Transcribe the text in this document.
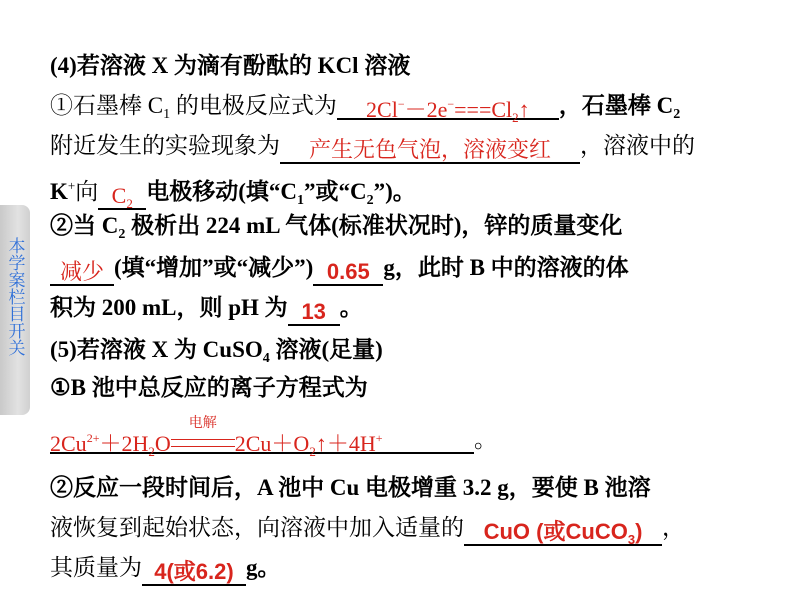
本学案栏目开关
(4)若溶液 X 为滴有酚酞的 KCl 溶液
①石墨棒 $C_1$ 的电极反应式为 $2Cl^--2e^-===Cl_2↑$ ，石墨棒 $C_2$
附近发生的实验现象为 产生无色气泡，溶液变红 ，溶液中的
K+向 $C_2$ 电极移动(填“$C_1$”或“$C_2$”)。
②当 $C_2$ 极析出 224 mL 气体(标准状况时)，锌的质量变化
减少 (填“增加”或“减少”) 0.65 g，此时 B 中的溶液的体
积为 200 mL，则 pH 为 13 。
(5)若溶液 X 为 CuSO$_4$ 溶液(足量)
①B 池中总反应的离子方程式为
$2Cu^{2+}+2H_2O$
电解
$2Cu+O_2↑+4H^+$	。
②反应一段时间后，A 池中 Cu 电极增重 3.2 g，要使 B 池溶
液恢复到起始状态，向溶液中加入适量的 CuO (或CuCO$_3$) ，
其质量为 4(或6.2) g。
